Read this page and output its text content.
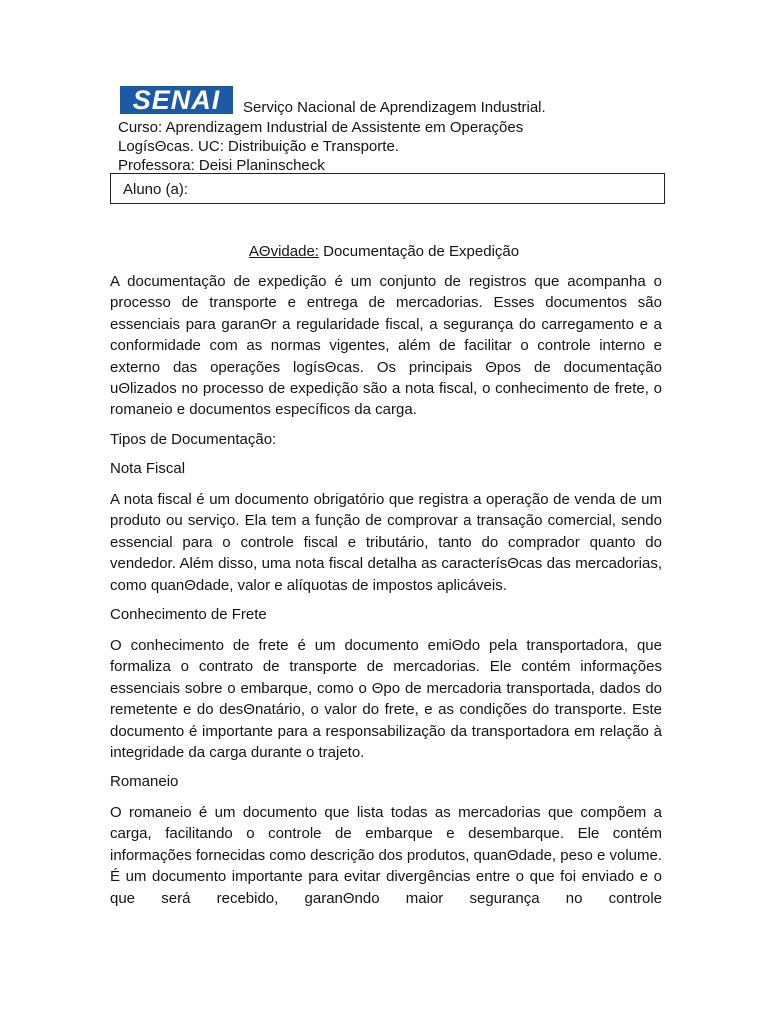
SENAI Serviço Nacional de Aprendizagem Industrial.
Curso: Aprendizagem Industrial de Assistente em Operações
LogísΘcas. UC: Distribuição e Transporte.
Professora: Deisi Planinscheck
Aluno (a):
AΘvidade: Documentação de Expedição

A documentação de expedição é um conjunto de registros que acompanha o processo de transporte e entrega de mercadorias. Esses documentos são essenciais para garanΘr a regularidade fiscal, a segurança do carregamento e a conformidade com as normas vigentes, além de facilitar o controle interno e externo das operações logísΘcas. Os principais Θpos de documentação uΘlizados no processo de expedição são a nota fiscal, o conhecimento de frete, o romaneio e documentos específicos da carga.

Tipos de Documentação:

Nota Fiscal

A nota fiscal é um documento obrigatório que registra a operação de venda de um produto ou serviço. Ela tem a função de comprovar a transação comercial, sendo essencial para o controle fiscal e tributário, tanto do comprador quanto do vendedor. Além disso, uma nota fiscal detalha as caracterísΘcas das mercadorias, como quanΘdade, valor e alíquotas de impostos aplicáveis.

Conhecimento de Frete

O conhecimento de frete é um documento emiΘdo pela transportadora, que formaliza o contrato de transporte de mercadorias. Ele contém informações essenciais sobre o embarque, como o Θpo de mercadoria transportada, dados do remetente e do desΘnatário, o valor do frete, e as condições do transporte. Este documento é importante para a responsabilização da transportadora em relação à integridade da carga durante o trajeto.

Romaneio

O romaneio é um documento que lista todas as mercadorias que compõem a carga, facilitando o controle de embarque e desembarque. Ele contém informações fornecidas como descrição dos produtos, quanΘdade, peso e volume. É um documento importante para evitar divergências entre o que foi enviado e o que será recebido, garanΘndo maior segurança no controle
